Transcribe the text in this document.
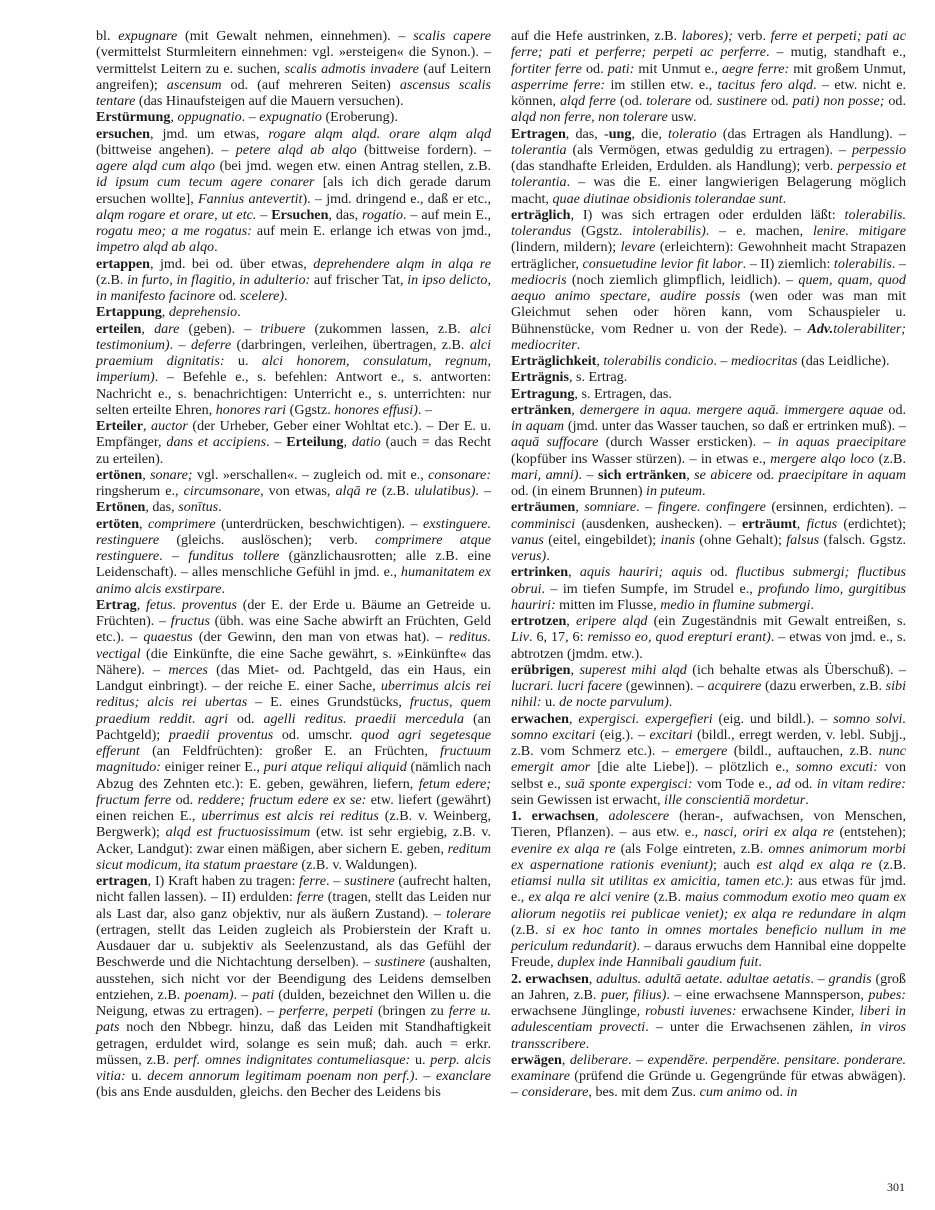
bl. expugnare (mit Gewalt nehmen, einnehmen). – scalis capere (vermittelst Sturmleitern einnehmen: vgl. »ersteigen« die Synon.). – vermittelst Leitern zu e. suchen, scalis admotis invadere (auf Leitern angreifen); ascensum od. (auf mehreren Seiten) ascensus scalis tentare (das Hinaufsteigen auf die Mauern versuchen).

Erstürmung, oppugnatio. – expugnatio (Eroberung).

ersuchen, jmd. um etwas, rogare alqm alqd. orare alqm alqd (bittweise angehen). – petere alqd ab alqo (bittweise fordern). – agere alqd cum alqo (bei jmd. wegen etw. einen Antrag stellen, z.B. id ipsum cum tecum agere conarer [als ich dich gerade darum ersuchen wollte], Fannius antevertit). – jmd. dringend e., daß er etc., alqm rogare et orare, ut etc. – Ersuchen, das, rogatio. – auf mein E., rogatu meo; a me rogatus: auf mein E. erlange ich etwas von jmd., impetro alqd ab alqo.

ertappen, jmd. bei od. über etwas, deprehendere alqm in alqa re (z.B. in furto, in flagitio, in adulterio: auf frischer Tat, in ipso delicto, in manifesto facinore od. scelere).

Ertappung, deprehensio.

erteilen, dare (geben). – tribuere (zukommen lassen, z.B. alci testimonium). – deferre (darbringen, verleihen, übertragen, z.B. alci praemium dignitatis: u. alci honorem, consulatum, regnum, imperium). – Befehle e., s. befehlen: Antwort e., s. antworten: Nachricht e., s. benachrichtigen: Unterricht e., s. unterrichten: nur selten erteilte Ehren, honores rari (Ggstz. honores effusi). –

Erteiler, auctor (der Urheber, Geber einer Wohltat etc.). – Der E. u. Empfänger, dans et accipiens. – Erteilung, datio (auch = das Recht zu erteilen).

ertönen, sonare; vgl. »erschallen«. – zugleich od. mit e., consonare: ringsherum e., circumsonare, von etwas, alqā re (z.B. ululatibus). – Ertönen, das, sonītus.

ertöten, comprimere (unterdrücken, beschwichtigen). – exstinguere. restinguere (gleichs. auslöschen); verb. comprimere atque restinguere. – funditus tollere (gänzlichausrotten; alle z.B. eine Leidenschaft). – alles menschliche Gefühl in jmd. e., humanitatem ex animo alcis exstirpare.

Ertrag, fetus. proventus (der E. der Erde u. Bäume an Getreide u. Früchten). – fructus (übh. was eine Sache abwirft an Früchten, Geld etc.). – quaestus (der Gewinn, den man von etwas hat). – reditus. vectigal (die Einkünfte, die eine Sache gewährt, s. »Einkünfte« das Nähere). – merces (das Miet- od. Pachtgeld, das ein Haus, ein Landgut einbringt). – der reiche E. einer Sache, uberrimus alcis rei reditus; alcis rei ubertas – E. eines Grundstücks, fructus, quem praedium reddit. agri od. agelli reditus. praedii mercedula (an Pachtgeld); praedii proventus od. umschr. quod agri segetesque efferunt (an Feldfrüchten): großer E. an Früchten, fructuum magnitudo: einiger reiner E., puri atque reliqui aliquid (nämlich nach Abzug des Zehnten etc.): E. geben, gewähren, liefern, fetum edere; fructum ferre od. reddere; fructum edere ex se: etw. liefert (gewährt) einen reichen E., uberrimus est alcis rei reditus (z.B. v. Weinberg, Bergwerk); alqd est fructuosissimum (etw. ist sehr ergiebig, z.B. v. Acker, Landgut): zwar einen mäßigen, aber sichern E. geben, reditum sicut modicum, ita statum praestare (z.B. v. Waldungen).

ertragen, I) Kraft haben zu tragen: ferre. – sustinere (aufrecht halten, nicht fallen lassen). – II) erdulden: ferre (tragen, stellt das Leiden nur als Last dar, also ganz objektiv, nur als äußern Zustand). – tolerare (ertragen, stellt das Leiden zugleich als Probierstein der Kraft u. Ausdauer dar u. subjektiv als Seelenzustand, als das Gefühl der Beschwerde und die Nichtachtung derselben). – sustinere (aushalten, ausstehen, sich nicht vor der Beendigung des Leidens demselben entziehen, z.B. poenam). – pati (dulden, bezeichnet den Willen u. die Neigung, etwas zu ertragen). – perferre, perpeti (bringen zu ferre u. pats noch den Nbbegr. hinzu, daß das Leiden mit Standhaftigkeit getragen, erduldet wird, solange es sein muß; dah. auch = erkr. müssen, z.B. perf. omnes indignitates contumeliasque: u. perp. alcis vitia: u. decem annorum legitimam poenam non perf.). – exanclare (bis ans Ende ausdulden, gleichs. den Becher des Leidens bis

auf die Hefe austrinken, z.B. labores); verb. ferre et perpeti; pati ac ferre; pati et perferre; perpeti ac perferre. – mutig, standhaft e., fortiter ferre od. pati: mit Unmut e., aegre ferre: mit großem Unmut, asperrime ferre: im stillen etw. e., tacitus fero alqd. – etw. nicht e. können, alqd ferre (od. tolerare od. sustinere od. pati) non posse; od. alqd non ferre, non tolerare usw.

Ertragen, das, -ung, die, toleratio (das Ertragen als Handlung). – tolerantia (als Vermögen, etwas geduldig zu ertragen). – perpessio (das standhafte Erleiden, Erdulden. als Handlung); verb. perpessio et tolerantia. – was die E. einer langwierigen Belagerung möglich macht, quae diutinae obsidionis tolerandae sunt.

erträglich, I) was sich ertragen oder erdulden läßt: tolerabilis. tolerandus (Ggstz. intolerabilis). – e. machen, lenire. mitigare (lindern, mildern); levare (erleichtern): Gewohnheit macht Strapazen erträglicher, consuetudine levior fit labor. – II) ziemlich: tolerabilis. – mediocris (noch ziemlich glimpflich, leidlich). – quem, quam, quod aequo animo spectare, audire possis (wen oder was man mit Gleichmut sehen oder hören kann, vom Schauspieler u. Bühnenstücke, vom Redner u. von der Rede). – Adv.tolerabiliter; mediocriter.

Erträglichkeit, tolerabilis condicio. – mediocritas (das Leidliche).

Erträgnis, s. Ertrag.

Ertragung, s. Ertragen, das.

ertränken, demergere in aqua. mergere aquā. immergere aquae od. in aquam (jmd. unter das Wasser tauchen, so daß er ertrinken muß). – aquā suffocare (durch Wasser ersticken). – in aquas praecipitare (kopfüber ins Wasser stürzen). – in etwas e., mergere alqo loco (z.B. mari, amni). – sich ertränken, se abicere od. praecipitare in aquam od. (in einem Brunnen) in puteum.

erträumen, somniare. – fingere. confingere (ersinnen, erdichten). – comminisci (ausdenken, aushecken). – erträumt, fictus (erdichtet); vanus (eitel, eingebildet); inanis (ohne Gehalt); falsus (falsch. Ggstz. verus).

ertrinken, aquis hauriri; aquis od. fluctibus submergi; fluctibus obrui. – im tiefen Sumpfe, im Strudel e., profundo limo, gurgitibus hauriri: mitten im Flusse, medio in flumine submergi.

ertrotzen, eripere alqd (ein Zugeständnis mit Gewalt entreißen, s. Liv. 6, 17, 6: remisso eo, quod erepturi erant). – etwas von jmd. e., s. abtrotzen (jmdm. etw.).

erübrigen, superest mihi alqd (ich behalte etwas als Überschuß). – lucrari. lucri facere (gewinnen). – acquirere (dazu erwerben, z.B. sibi nihil: u. de nocte parvulum).

erwachen, expergisci. expergefieri (eig. und bildl.). – somno solvi. somno excitari (eig.). – excitari (bildl., erregt werden, v. lebl. Subjj., z.B. vom Schmerz etc.). – emergere (bildl., auftauchen, z.B. nunc emergit amor [die alte Liebe]). – plötzlich e., somno excuti: von selbst e., suā sponte expergisci: vom Tode e., ad od. in vitam redire: sein Gewissen ist erwacht, ille conscientiā mordetur.

1. erwachsen, adolescere (heran-, aufwachsen, von Menschen, Tieren, Pflanzen). – aus etw. e., nasci, oriri ex alqa re (entstehen); evenire ex alqa re (als Folge eintreten, z.B. omnes animorum morbi ex aspernatione rationis eveniunt); auch est alqd ex alqa re (z.B. etiamsi nulla sit utilitas ex amicitia, tamen etc.): aus etwas für jmd. e., ex alqa re alci venire (z.B. maius commodum exotio meo quam ex aliorum negotiis rei publicae veniet); ex alqa re redundare in alqm (z.B. si ex hoc tanto in omnes mortales beneficio nullum in me periculum redundarit). – daraus erwuchs dem Hannibal eine doppelte Freude, duplex inde Hannibali gaudium fuit.

2. erwachsen, adultus. adultā aetate. adultae aetatis. – grandis (groß an Jahren, z.B. puer, filius). – eine erwachsene Mannsperson, pubes: erwachsene Jünglinge, robusti iuvenes: erwachsene Kinder, liberi in adulescentiam provecti. – unter die Erwachsenen zählen, in viros transscribere.

erwägen, deliberare. – expendĕre. perpendĕre. pensitare. ponderare. examinare (prüfend die Gründe u. Gegengründe für etwas abwägen). – considerare, bes. mit dem Zus. cum animo od. in

301
